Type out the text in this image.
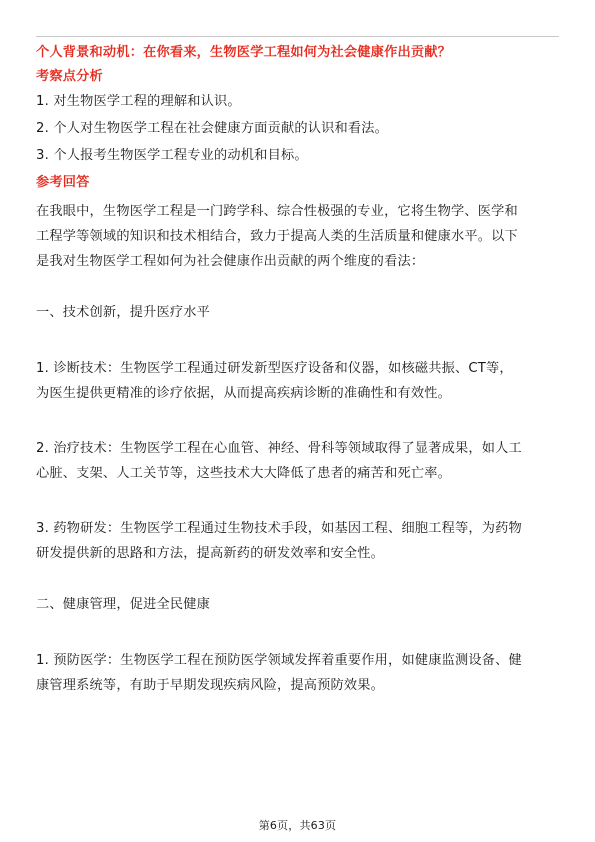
个人背景和动机：在你看来，生物医学工程如何为社会健康作出贡献？
考察点分析
1. 对生物医学工程的理解和认识。
2. 个人对生物医学工程在社会健康方面贡献的认识和看法。
3. 个人报考生物医学工程专业的动机和目标。
参考回答
在我眼中，生物医学工程是一门跨学科、综合性极强的专业，它将生物学、医学和
工程学等领域的知识和技术相结合，致力于提高人类的生活质量和健康水平。以下
是我对生物医学工程如何为社会健康作出贡献的两个维度的看法：
一、技术创新，提升医疗水平
1. 诊断技术：生物医学工程通过研发新型医疗设备和仪器，如核磁共振、CT等，
为医生提供更精准的诊疗依据，从而提高疾病诊断的准确性和有效性。
2. 治疗技术：生物医学工程在心血管、神经、骨科等领域取得了显著成果，如人工
心脏、支架、人工关节等，这些技术大大降低了患者的痛苦和死亡率。
3. 药物研发：生物医学工程通过生物技术手段，如基因工程、细胞工程等，为药物
研发提供新的思路和方法，提高新药的研发效率和安全性。
二、健康管理，促进全民健康
1. 预防医学：生物医学工程在预防医学领域发挥着重要作用，如健康监测设备、健
康管理系统等，有助于早期发现疾病风险，提高预防效果。
第6页，共63页
